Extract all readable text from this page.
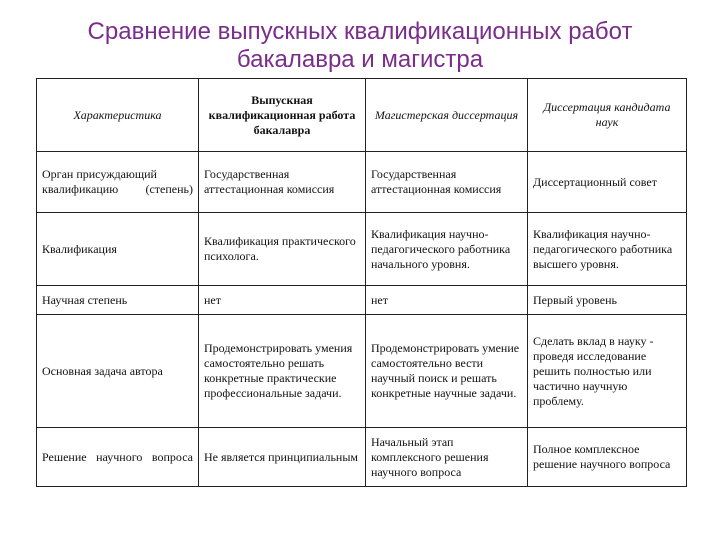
Сравнение выпускных квалификационных работ
бакалавра и магистра
Характеристика	Выпускная квалификационная работа бакалавра	Магистерская диссертация	Диссертация кандидата наук
Орган присуждающий квалификацию (степень)	Государственная аттестационная комиссия	Государственная аттестационная комиссия	Диссертационный совет
Квалификация	Квалификация практического психолога.	Квалификация научно-педагогического работника начального уровня.	Квалификация научно-педагогического работника высшего уровня.
Научная степень	нет	нет	Первый уровень
Основная задача автора	Продемонстрировать умения самостоятельно решать конкретные практические профессиональные задачи.	Продемонстрировать умение самостоятельно вести научный поиск и решать конкретные научные задачи.	Сделать вклад в науку - проведя исследование решить полностью или частично научную проблему.
Решение научного вопроса	Не является принципиальным	Начальный этап комплексного решения научного вопроса	Полное комплексное решение научного вопроса
